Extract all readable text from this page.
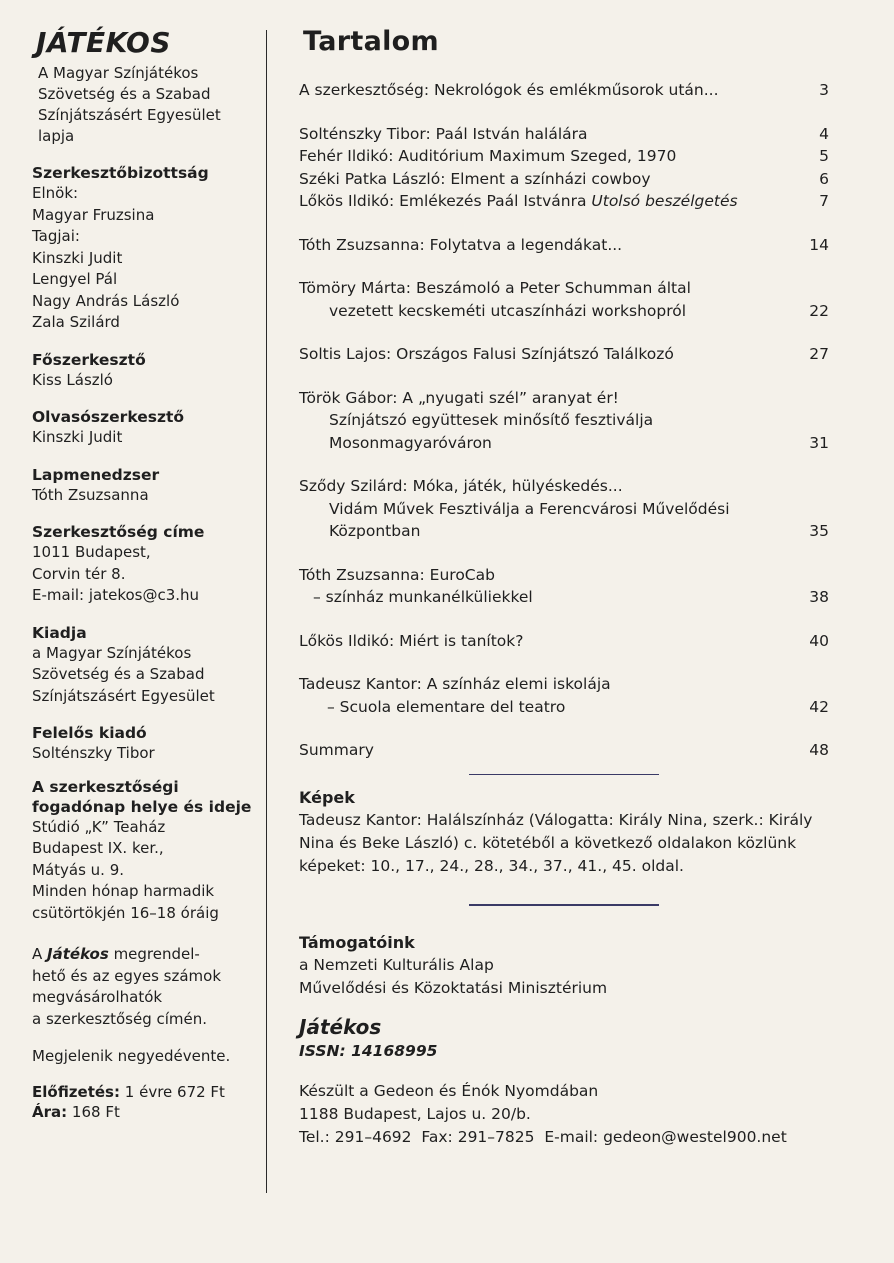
JÁTÉKOS
A Magyar Színjátékos
Szövetség és a Szabad
Színjátszásért Egyesület
lapja
Szerkesztőbizottság
Elnök:
Magyar Fruzsina
Tagjai:
Kinszki Judit
Lengyel Pál
Nagy András László
Zala Szilárd
Főszerkesztő
Kiss László
Olvasószerkesztő
Kinszki Judit
Lapmenedzser
Tóth Zsuzsanna
Szerkesztőség címe
1011 Budapest,
Corvin tér 8.
E-mail: jatekos@c3.hu
Kiadja
a Magyar Színjátékos
Szövetség és a Szabad
Színjátszásért Egyesület
Felelős kiadó
Solténszky Tibor
A szerkesztőségi fogadónap helye és ideje
Stúdió „K” Teaház
Budapest IX. ker.,
Mátyás u. 9.
Minden hónap harmadik
csütörtökjén 16–18 óráig
A Játékos megrendel-
hető és az egyes számok
megvásárolhatók
a szerkesztőség címén.
Megjelenik negyedévente.
Előfizetés: 1 évre 672 Ft
Ára: 168 Ft
Tartalom
A szerkesztőség: Nekrológok és emlékműsorok után...	3
Solténszky Tibor: Paál István halálára	4
Fehér Ildikó: Auditórium Maximum Szeged, 1970	5
Széki Patka László: Elment a színházi cowboy	6
Lőkös Ildikó: Emlékezés Paál Istvánra Utolsó beszélgetés	7
Tóth Zsuzsanna: Folytatva a legendákat...	14
Tömöry Márta: Beszámoló a Peter Schumman által
vezetett kecskeméti utcaszínházi workshopról	22
Soltis Lajos: Országos Falusi Színjátszó Találkozó	27
Török Gábor: A „nyugati szél” aranyat ér!
Színjátszó együttesek minősítő fesztiválja
Mosonmagyaróváron	31
Sződy Szilárd: Móka, játék, hülyéskedés...
Vidám Művek Fesztiválja a Ferencvárosi Művelődési
Központban	35
Tóth Zsuzsanna: EuroCab
– színház munkanélküliekkel	38
Lőkös Ildikó: Miért is tanítok?	40
Tadeusz Kantor: A színház elemi iskolája
– Scuola elementare del teatro	42
Summary	48
Képek
Tadeusz Kantor: Halálszínház (Válogatta: Király Nina, szerk.: Király
Nina és Beke László) c. kötetéből a következő oldalakon közlünk
képeket: 10., 17., 24., 28., 34., 37., 41., 45. oldal.
Támogatóink
a Nemzeti Kulturális Alap
Művelődési és Közoktatási Minisztérium
Játékos
ISSN: 14168995
Készült a Gedeon és Énók Nyomdában
1188 Budapest, Lajos u. 20/b.
Tel.: 291–4692  Fax: 291–7825  E-mail: gedeon@westel900.net
